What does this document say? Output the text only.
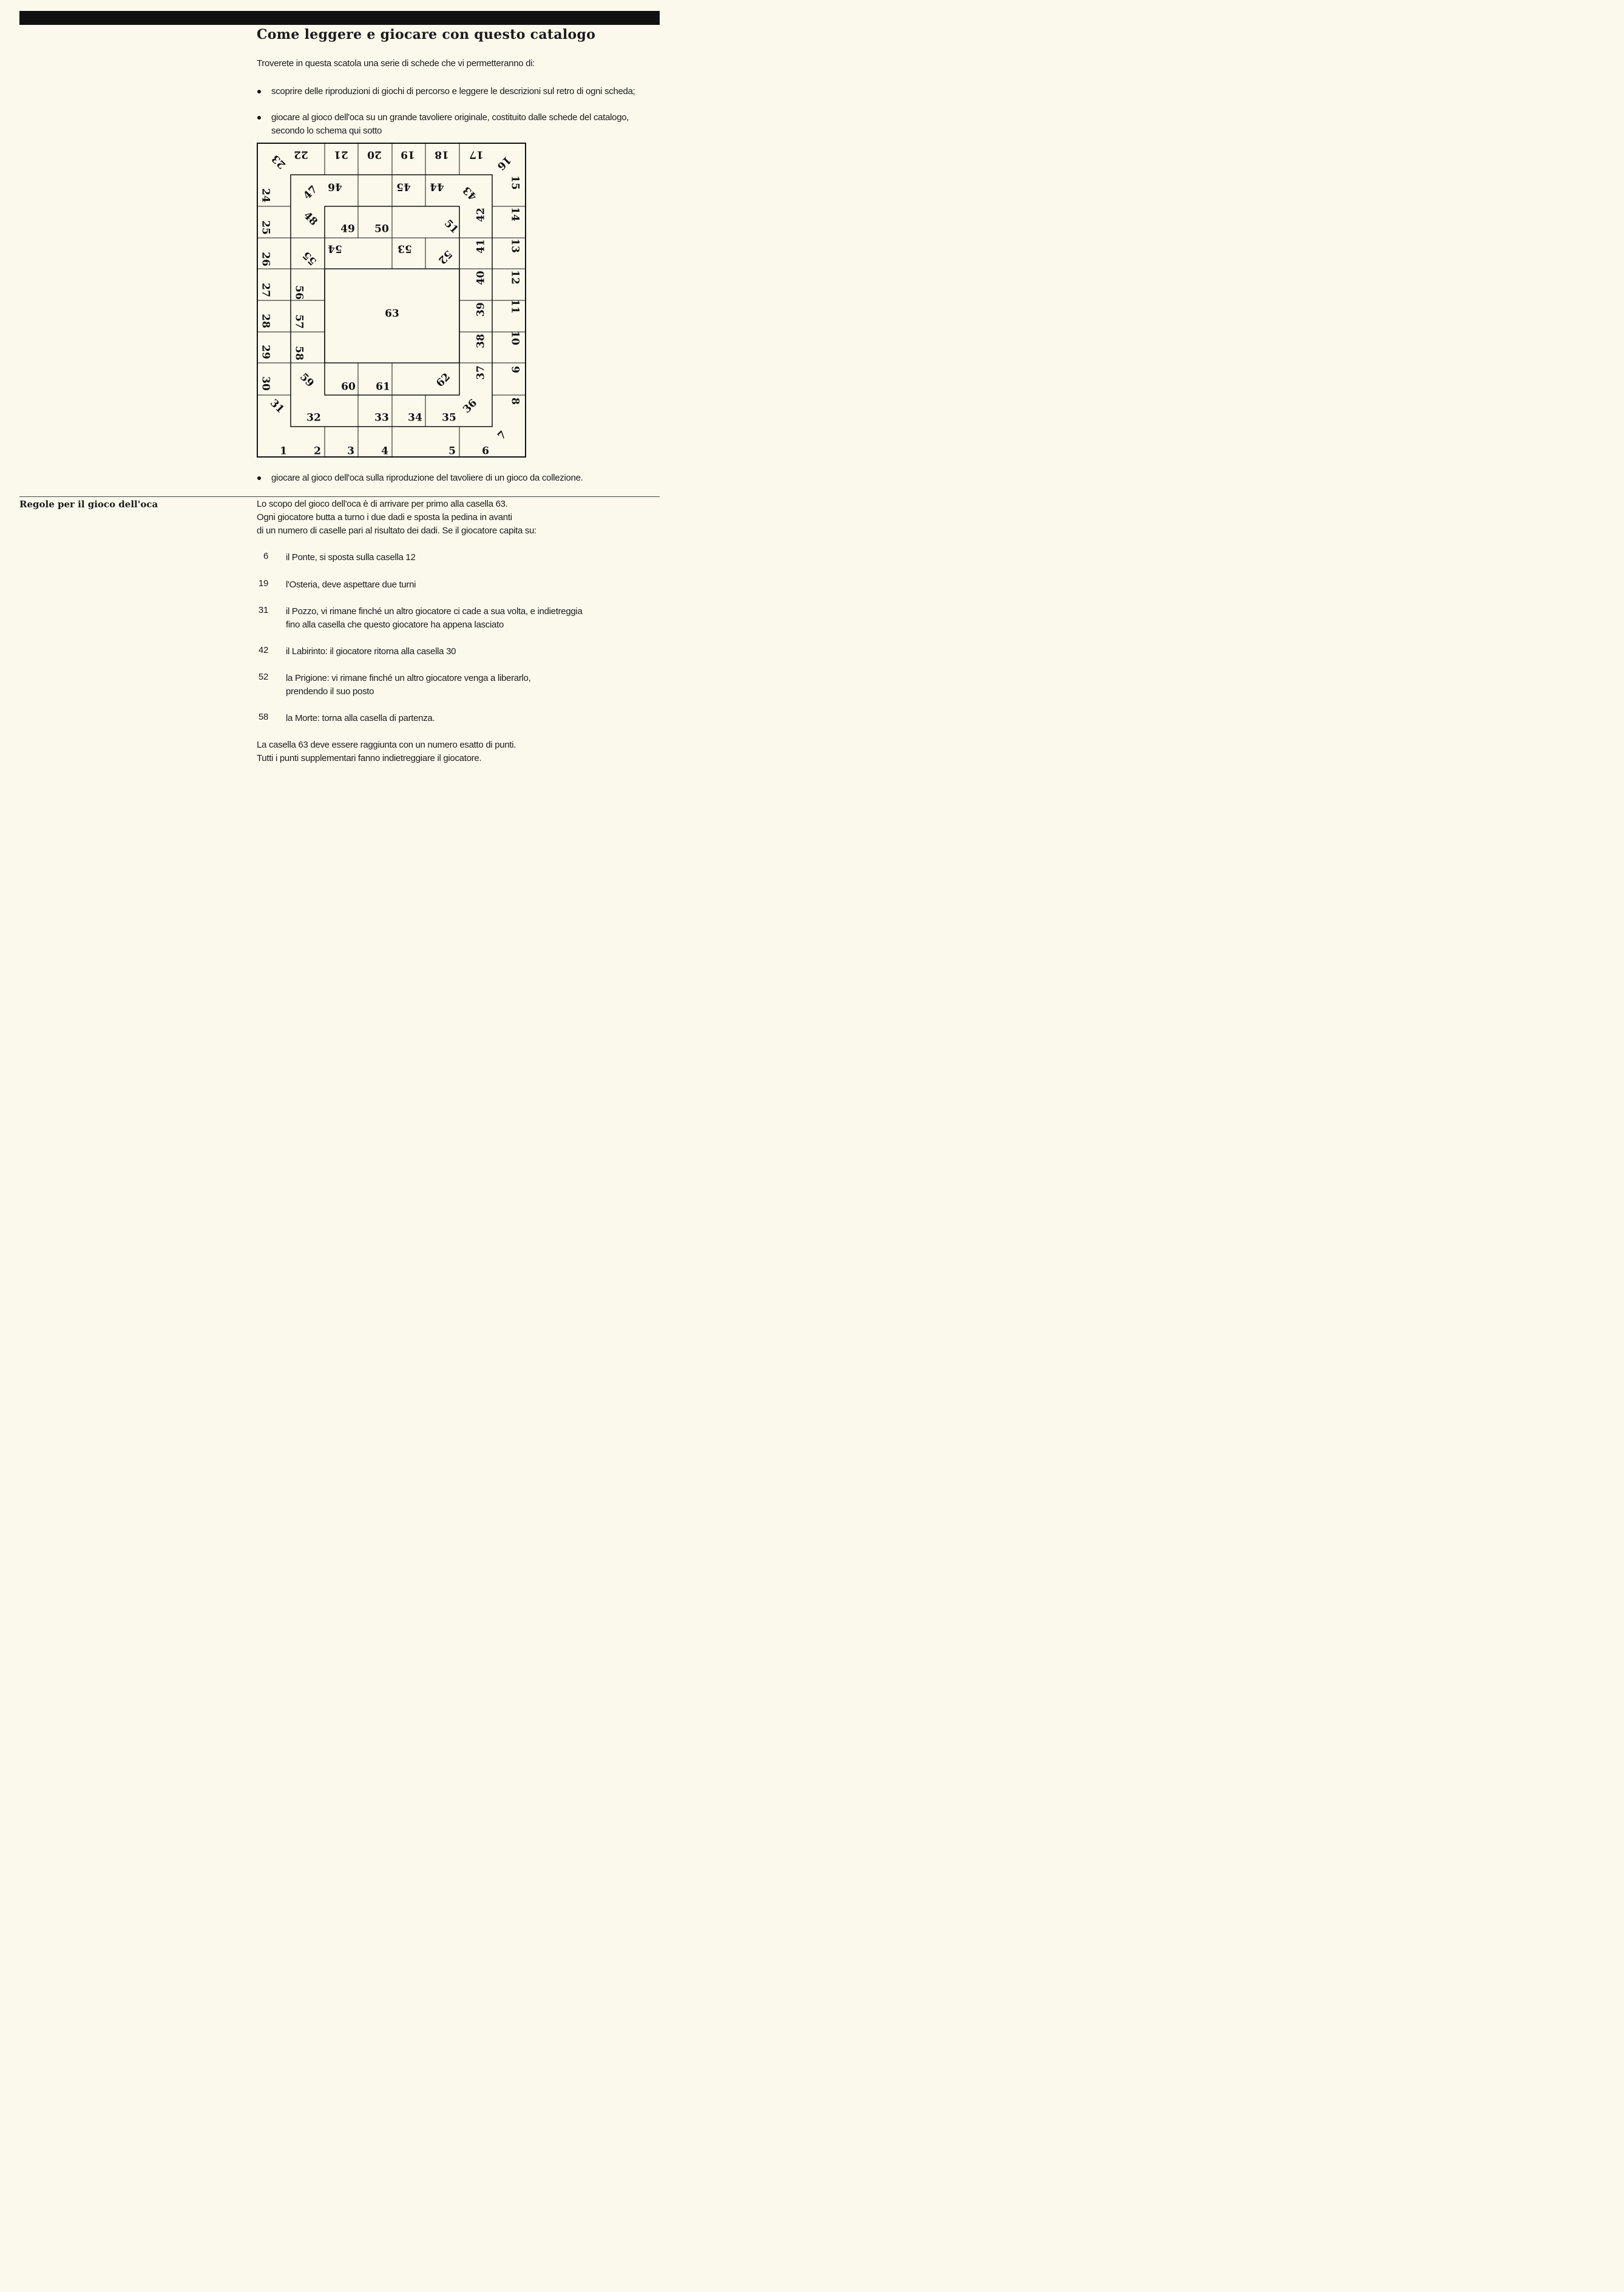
Come leggere e giocare con questo catalogo

Troverete in questa scatola una serie di schede che vi permetteranno di:

scoprire delle riproduzioni di giochi di percorso e leggere le descrizioni sul retro di ogni scheda;

giocare al gioco dell'oca su un grande tavoliere originale, costituito dalle schede del catalogo,

secondo lo schema qui sotto

1	2	3	4	5	6
7
8
9
10
11
12
13
14
15
16
17
18
19
20
21
22
23
24
25
26
27
28
29
30
31
32	33 34 35
36
37
38
39
40
41
42
43
44
45
46
47
48
49 50	51
52
53
54
55
56
57
58
59 60 61	62
63

giocare al gioco dell'oca sulla riproduzione del tavoliere di un gioco da collezione.

Regole per il gioco dell'oca	Lo scopo del gioco dell'oca è di arrivare per primo alla casella 63.

Ogni giocatore butta a turno i due dadi e sposta la pedina in avanti

di un numero di caselle pari al risultato dei dadi. Se il giocatore capita su:

6 il Ponte, si sposta sulla casella 12
19 l'Osteria, deve aspettare due turni
31 il Pozzo, vi rimane finché un altro giocatore ci cade a sua volta, e indietreggia
fino alla casella che questo giocatore ha appena lasciato
42 il Labirinto: il giocatore ritorna alla casella 30
52 la Prigione: vi rimane finché un altro giocatore venga a liberarlo,
prendendo il suo posto
58 la Morte: torna alla casella di partenza.

La casella 63 deve essere raggiunta con un numero esatto di punti.

Tutti i punti supplementari fanno indietreggiare il giocatore.
